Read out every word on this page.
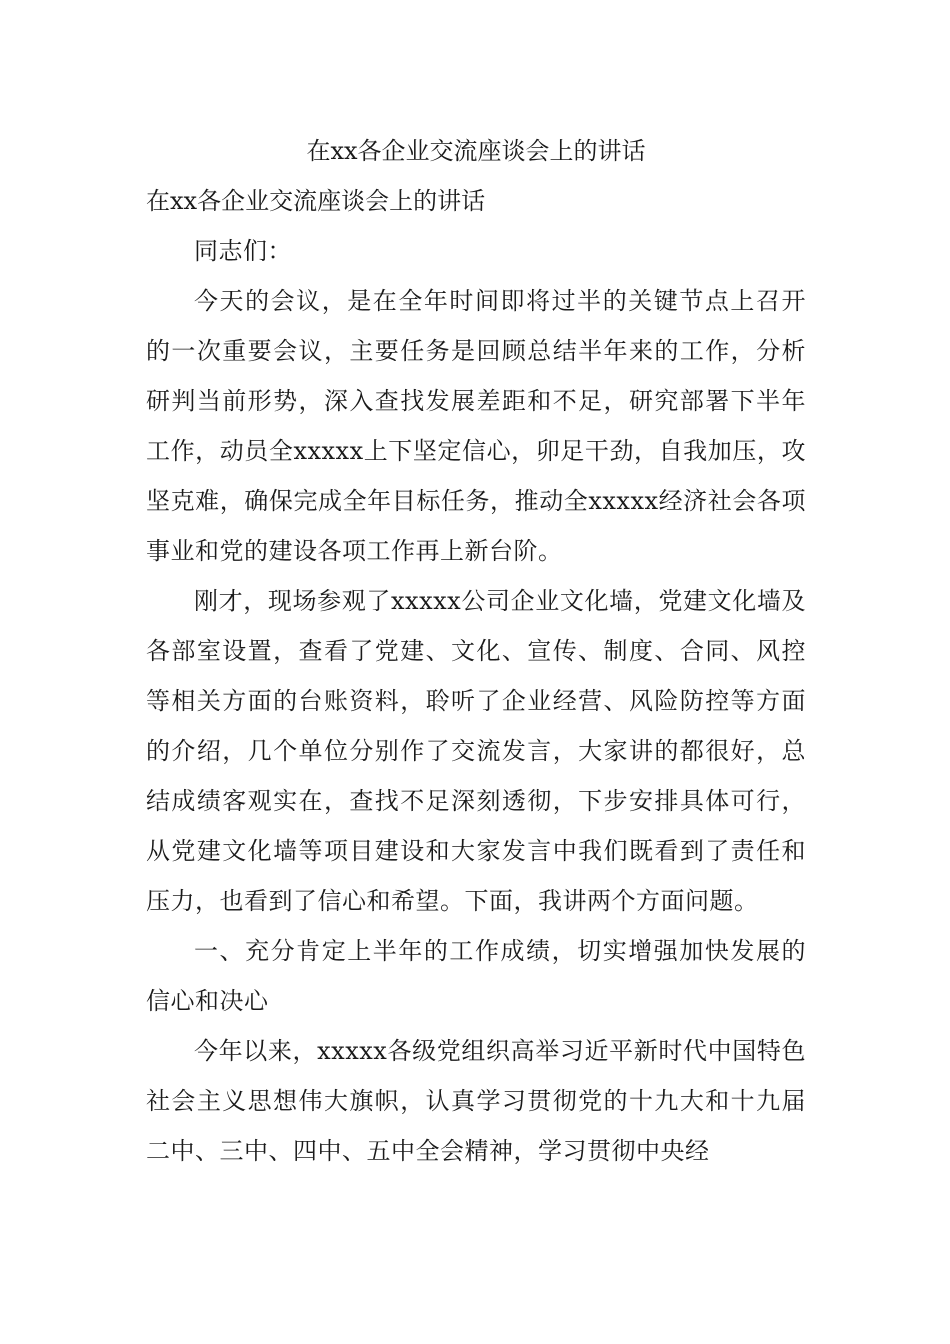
在xx各企业交流座谈会上的讲话

在xx各企业交流座谈会上的讲话

同志们：

今天的会议，是在全年时间即将过半的关键节点上召开的一次重要会议，主要任务是回顾总结半年来的工作，分析研判当前形势，深入查找发展差距和不足，研究部署下半年工作，动员全xxxxx上下坚定信心，卯足干劲，自我加压，攻坚克难，确保完成全年目标任务，推动全xxxxx经济社会各项事业和党的建设各项工作再上新台阶。

刚才，现场参观了xxxxx公司企业文化墙，党建文化墙及各部室设置，查看了党建、文化、宣传、制度、合同、风控等相关方面的台账资料，聆听了企业经营、风险防控等方面的介绍，几个单位分别作了交流发言，大家讲的都很好，总结成绩客观实在，查找不足深刻透彻，下步安排具体可行，从党建文化墙等项目建设和大家发言中我们既看到了责任和压力，也看到了信心和希望。下面，我讲两个方面问题。

一、充分肯定上半年的工作成绩，切实增强加快发展的信心和决心

今年以来，xxxxx各级党组织高举习近平新时代中国特色社会主义思想伟大旗帜，认真学习贯彻党的十九大和十九届二中、三中、四中、五中全会精神，学习贯彻中央经
